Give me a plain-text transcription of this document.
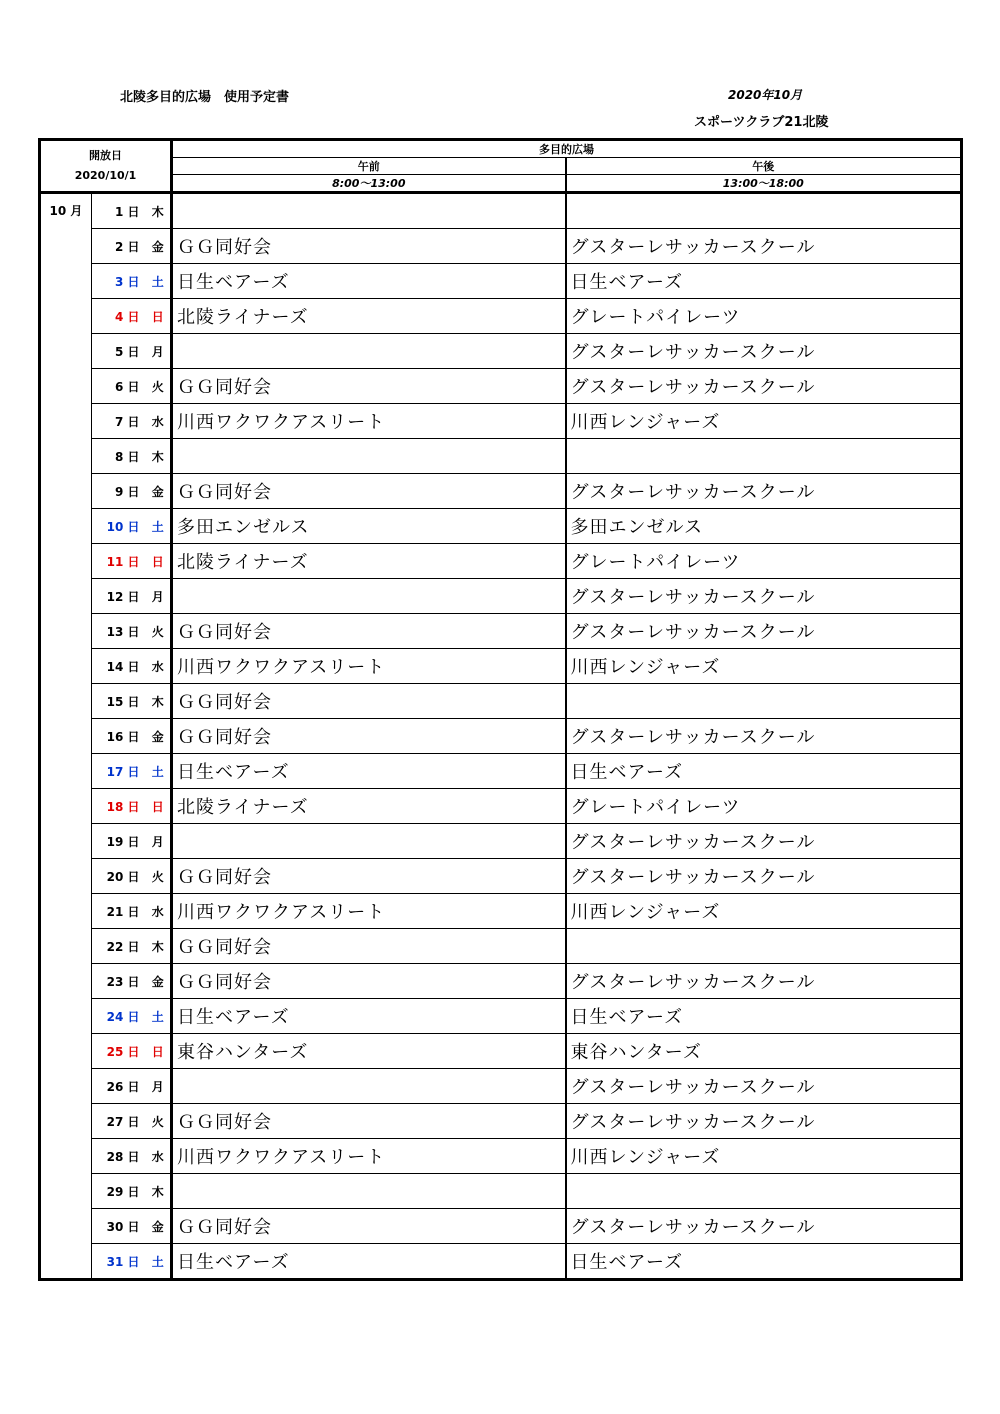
北陵多目的広場　使用予定書	2020年10月
スポーツクラブ21北陵
開放日
2020/10/1			多目的広場	
			午前	午後
			8:00～13:00	13:00～18:00
10 月	1 日	木		
	2 日	金	ＧＧ同好会	グスターレサッカースクール
	3 日	土	日生ベアーズ	日生ベアーズ
	4 日	日	北陵ライナーズ	グレートパイレーツ
	5 日	月		グスターレサッカースクール
	6 日	火	ＧＧ同好会	グスターレサッカースクール
	7 日	水	川西ワクワクアスリート	川西レンジャーズ
	8 日	木		
	9 日	金	ＧＧ同好会	グスターレサッカースクール
	10 日	土	多田エンゼルス	多田エンゼルス
	11 日	日	北陵ライナーズ	グレートパイレーツ
	12 日	月		グスターレサッカースクール
	13 日	火	ＧＧ同好会	グスターレサッカースクール
	14 日	水	川西ワクワクアスリート	川西レンジャーズ
	15 日	木	ＧＧ同好会	
	16 日	金	ＧＧ同好会	グスターレサッカースクール
	17 日	土	日生ベアーズ	日生ベアーズ
	18 日	日	北陵ライナーズ	グレートパイレーツ
	19 日	月		グスターレサッカースクール
	20 日	火	ＧＧ同好会	グスターレサッカースクール
	21 日	水	川西ワクワクアスリート	川西レンジャーズ
	22 日	木	ＧＧ同好会	
	23 日	金	ＧＧ同好会	グスターレサッカースクール
	24 日	土	日生ベアーズ	日生ベアーズ
	25 日	日	東谷ハンターズ	東谷ハンターズ
	26 日	月		グスターレサッカースクール
	27 日	火	ＧＧ同好会	グスターレサッカースクール
	28 日	水	川西ワクワクアスリート	川西レンジャーズ
	29 日	木		
	30 日	金	ＧＧ同好会	グスターレサッカースクール
	31 日	土	日生ベアーズ	日生ベアーズ
